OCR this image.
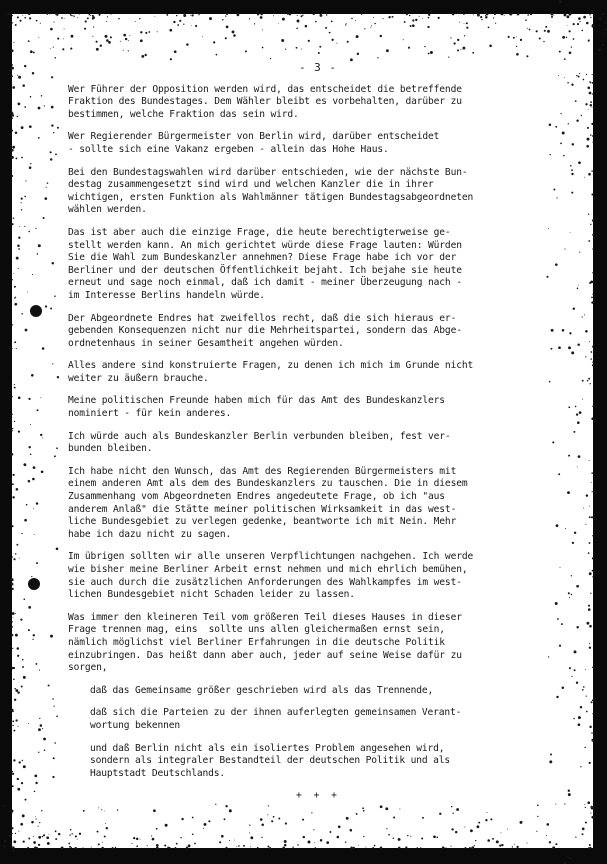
- 3 -
Wer Führer der Opposition werden wird, das entscheidet die betreffende
Fraktion des Bundestages. Dem Wähler bleibt es vorbehalten, darüber zu
bestimmen, welche Fraktion das sein wird.
Wer Regierender Bürgermeister von Berlin wird, darüber entscheidet
- sollte sich eine Vakanz ergeben - allein das Hohe Haus.
Bei den Bundestagswahlen wird darüber entschieden, wie der nächste Bun-
destag zusammengesetzt sind wird und welchen Kanzler die in ihrer
wichtigen, ersten Funktion als Wahlmänner tätigen Bundestagsabgeordneten
wählen werden.
Das ist aber auch die einzige Frage, die heute berechtigterweise ge-
stellt werden kann. An mich gerichtet würde diese Frage lauten: Würden
Sie die Wahl zum Bundeskanzler annehmen? Diese Frage habe ich vor der
Berliner und der deutschen Öffentlichkeit bejaht. Ich bejahe sie heute
erneut und sage noch einmal, daß ich damit - meiner Überzeugung nach -
im Interesse Berlins handeln würde.
Der Abgeordnete Endres hat zweifellos recht, daß die sich hieraus er-
gebenden Konsequenzen nicht nur die Mehrheitspartei, sondern das Abge-
ordnetenhaus in seiner Gesamtheit angehen würden.
Alles andere sind konstruierte Fragen, zu denen ich mich im Grunde nicht
weiter zu äußern brauche.
Meine politischen Freunde haben mich für das Amt des Bundeskanzlers
nominiert - für kein anderes.
Ich würde auch als Bundeskanzler Berlin verbunden bleiben, fest ver-
bunden bleiben.
Ich habe nicht den Wunsch, das Amt des Regierenden Bürgermeisters mit
einem anderen Amt als dem des Bundeskanzlers zu tauschen. Die in diesem
Zusammenhang vom Abgeordneten Endres angedeutete Frage, ob ich "aus
anderem Anlaß" die Stätte meiner politischen Wirksamkeit in das west-
liche Bundesgebiet zu verlegen gedenke, beantworte ich mit Nein. Mehr
habe ich dazu nicht zu sagen.
Im übrigen sollten wir alle unseren Verpflichtungen nachgehen. Ich werde
wie bisher meine Berliner Arbeit ernst nehmen und mich ehrlich bemühen,
sie auch durch die zusätzlichen Anforderungen des Wahlkampfes im west-
lichen Bundesgebiet nicht Schaden leider zu lassen.
Was immer den kleineren Teil vom größeren Teil dieses Hauses in dieser
Frage trennen mag, eins  sollte uns allen gleichermaßen ernst sein,
nämlich möglichst viel Berliner Erfahrungen in die deutsche Politik
einzubringen. Das heißt dann aber auch, jeder auf seine Weise dafür zu
sorgen,
daß das Gemeinsame größer geschrieben wird als das Trennende,
daß sich die Parteien zu der ihnen auferlegten gemeinsamen Verant-
wortung bekennen
und daß Berlin nicht als ein isoliertes Problem angesehen wird,
sondern als integraler Bestandteil der deutschen Politik und als
Hauptstadt Deutschlands.
+ + +
